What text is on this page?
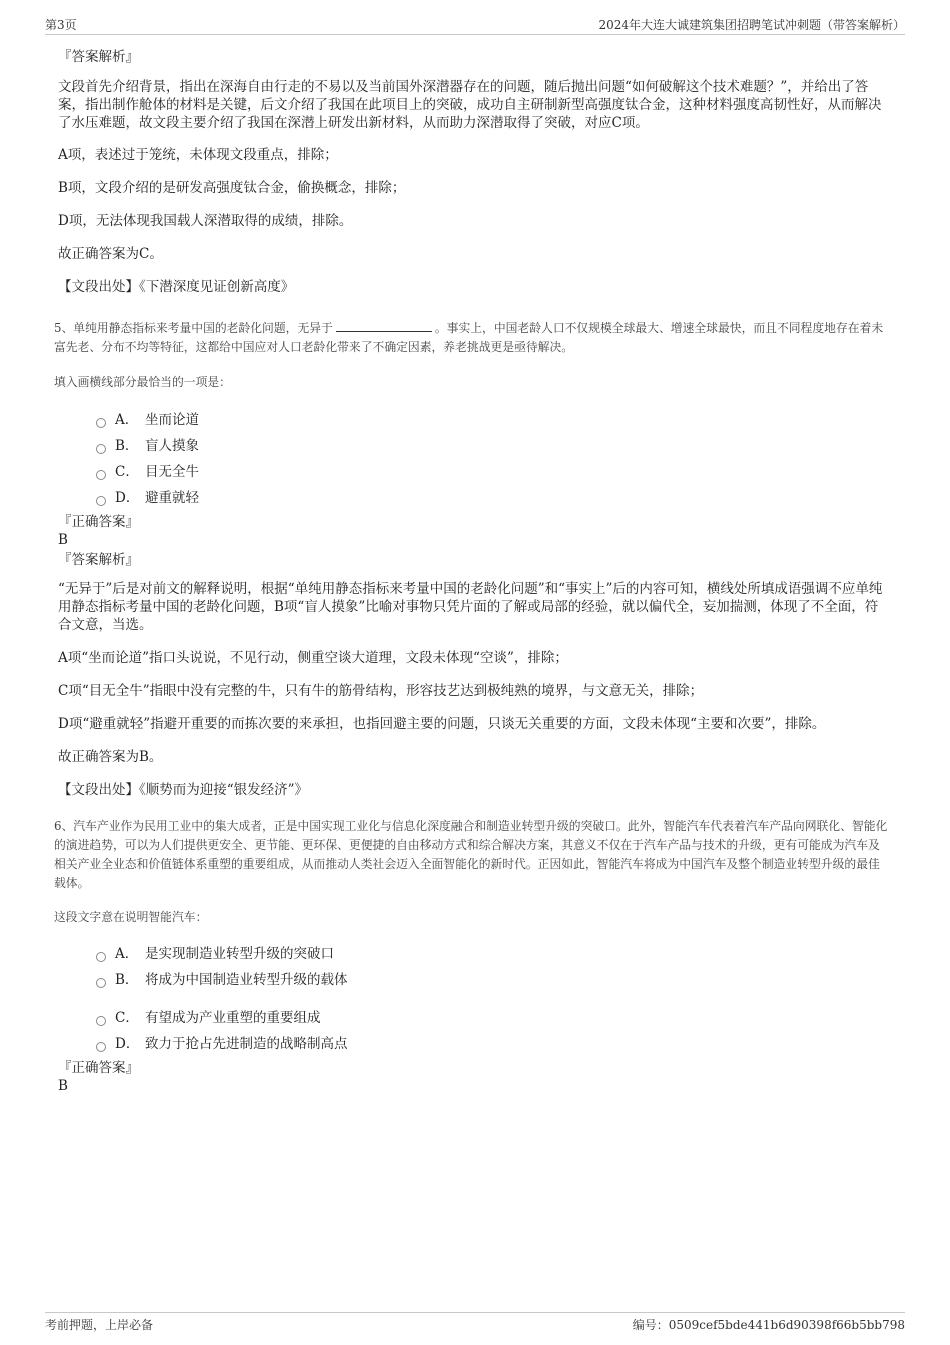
第3页	2024年大连大诚建筑集团招聘笔试冲刺题（带答案解析）

『答案解析』

文段首先介绍背景，指出在深海自由行走的不易以及当前国外深潜器存在的问题，随后抛出问题“如何破解这个技术难题？”，并给出了答案，指出制作舱体的材料是关键，后文介绍了我国在此项目上的突破，成功自主研制新型高强度钛合金，这种材料强度高韧性好，从而解决了水压难题，故文段主要介绍了我国在深潜上研发出新材料，从而助力深潜取得了突破，对应C项。

A项，表述过于笼统，未体现文段重点，排除；

B项，文段介绍的是研发高强度钛合金，偷换概念，排除；

D项，无法体现我国载人深潜取得的成绩，排除。

故正确答案为C。

【文段出处】《下潜深度见证创新高度》

5、单纯用静态指标来考量中国的老龄化问题，无异于	。事实上，中国老龄人口不仅规模全球最大、增速全球最快，而且不同程度地存在着未富先老、分布不均等特征，这都给中国应对人口老龄化带来了不确定因素，养老挑战更是亟待解决。

填入画横线部分最恰当的一项是：

A． 坐而论道
B． 盲人摸象
C． 目无全牛
D． 避重就轻

『正确答案』

B

『答案解析』

“无异于”后是对前文的解释说明，根据“单纯用静态指标来考量中国的老龄化问题”和“事实上”后的内容可知，横线处所填成语强调不应单纯用静态指标考量中国的老龄化问题，B项“盲人摸象”比喻对事物只凭片面的了解或局部的经验，就以偏代全，妄加揣测，体现了不全面，符合文意，当选。

A项“坐而论道”指口头说说，不见行动，侧重空谈大道理，文段未体现“空谈”，排除；

C项“目无全牛”指眼中没有完整的牛，只有牛的筋骨结构，形容技艺达到极纯熟的境界，与文意无关，排除；

D项“避重就轻”指避开重要的而拣次要的来承担，也指回避主要的问题，只谈无关重要的方面，文段未体现“主要和次要”，排除。

故正确答案为B。

【文段出处】《顺势而为迎接“银发经济”》

6、汽车产业作为民用工业中的集大成者，正是中国实现工业化与信息化深度融合和制造业转型升级的突破口。此外，智能汽车代表着汽车产品向网联化、智能化的演进趋势，可以为人们提供更安全、更节能、更环保、更便捷的自由移动方式和综合解决方案，其意义不仅在于汽车产品与技术的升级，更有可能成为汽车及相关产业全业态和价值链体系重塑的重要组成，从而推动人类社会迈入全面智能化的新时代。正因如此，智能汽车将成为中国汽车及整个制造业转型升级的最佳载体。

这段文字意在说明智能汽车：

A． 是实现制造业转型升级的突破口
B． 将成为中国制造业转型升级的载体
C． 有望成为产业重塑的重要组成
D． 致力于抢占先进制造的战略制高点

『正确答案』

B

考前押题，上岸必备	编号：0509cef5bde441b6d90398f66b5bb798
